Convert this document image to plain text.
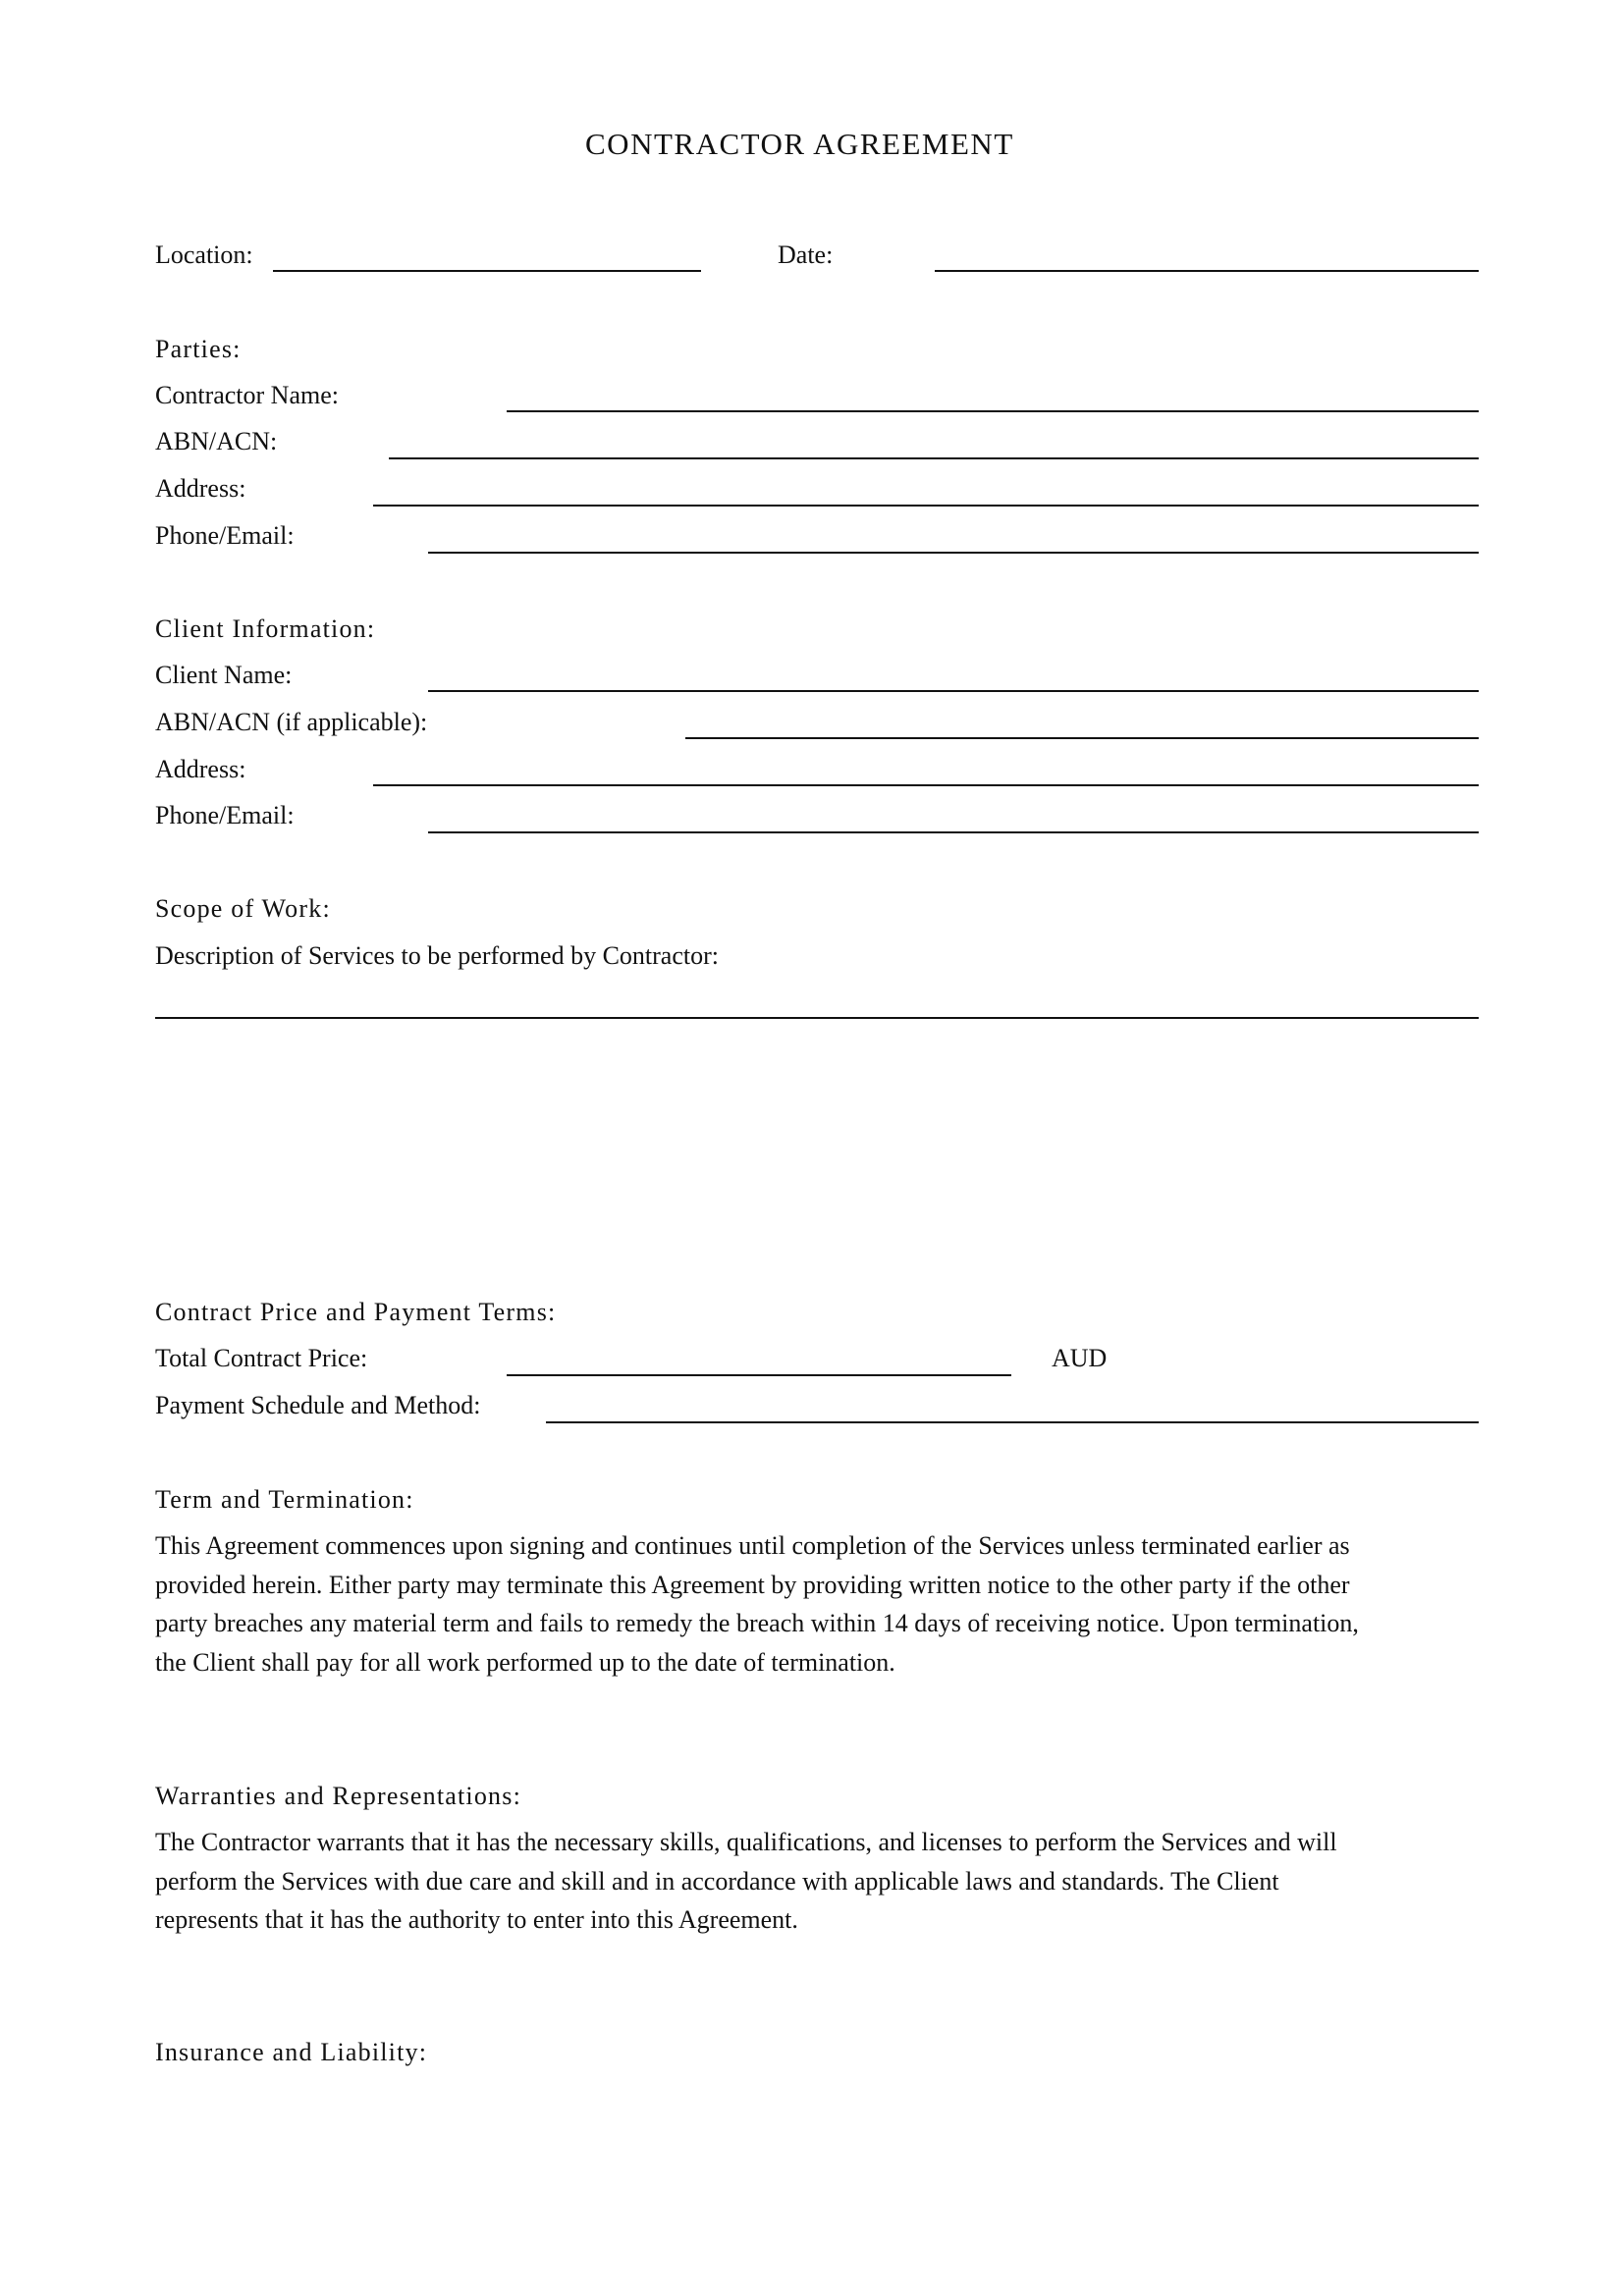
CONTRACTOR AGREEMENT
Location:	Date:
Parties:
Contractor Name:
ABN/ACN:
Address:
Phone/Email:
Client Information:
Client Name:
ABN/ACN (if applicable):
Address:
Phone/Email:
Scope of Work:
Description of Services to be performed by Contractor:
Contract Price and Payment Terms:
Total Contract Price:	AUD
Payment Schedule and Method:
Term and Termination:
This Agreement commences upon signing and continues until completion of the Services unless terminated earlier as
provided herein. Either party may terminate this Agreement by providing written notice to the other party if the other
party breaches any material term and fails to remedy the breach within 14 days of receiving notice. Upon termination,
the Client shall pay for all work performed up to the date of termination.
Warranties and Representations:
The Contractor warrants that it has the necessary skills, qualifications, and licenses to perform the Services and will
perform the Services with due care and skill and in accordance with applicable laws and standards. The Client
represents that it has the authority to enter into this Agreement.
Insurance and Liability:
